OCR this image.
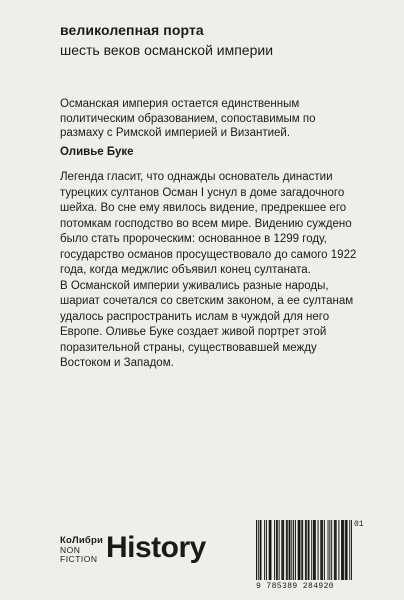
великолепная порта
шесть веков османской империи
Османская империя остается единственным политическим образованием, сопоставимым по размаху с Римской империей и Византией.
Оливье Буке

Легенда гласит, что однажды основатель династии турецких султанов Осман I уснул в доме загадочного шейха. Во сне ему явилось видение, предрекшее его потомкам господство во всем мире. Видению суждено было стать пророческим: основанное в 1299 году, государство османов просуществовало до самого 1922 года, когда меджлис объявил конец султаната.

В Османской империи уживались разные народы, шариат сочетался со светским законом, а ее султанам удалось распространить ислам в чуждой для него Европе. Оливье Буке создает живой портрет этой поразительной страны, существовавшей между Востоком и Западом.

КоЛибри
NON
FICTION History
01
9 785389 284920
